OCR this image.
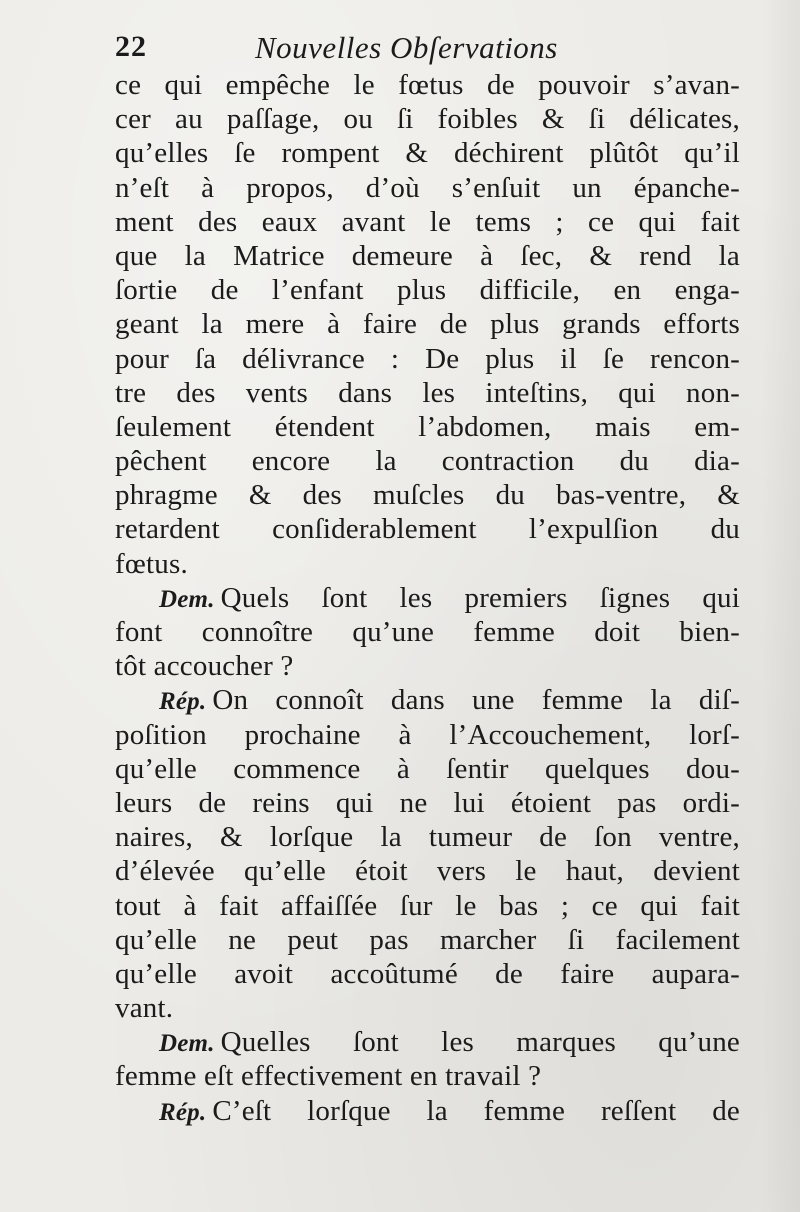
22	Nouvelles Obſervations
ce qui empêche le fœtus de pouvoir s’avan-
cer au paſſage, ou ſi foibles & ſi délicates,
qu’elles ſe rompent & déchirent plûtôt qu’il
n’eſt à propos, d’où s’enſuit un épanche-
ment des eaux avant le tems ; ce qui fait
que la Matrice demeure à ſec, & rend la
ſortie de l’enfant plus difficile, en enga-
geant la mere à faire de plus grands efforts
pour ſa délivrance : De plus il ſe rencon-
tre des vents dans les inteſtins, qui non-
ſeulement étendent l’abdomen, mais em-
pêchent encore la contraction du dia-
phragme & des muſcles du bas-ventre, &
retardent conſiderablement l’expulſion du
fœtus.
Dem. Quels ſont les premiers ſignes qui
font connoître qu’une femme doit bien-
tôt accoucher ?
Rép. On connoît dans une femme la diſ-
poſition prochaine à l’Accouchement, lorſ-
qu’elle commence à ſentir quelques dou-
leurs de reins qui ne lui étoient pas ordi-
naires, & lorſque la tumeur de ſon ventre,
d’élevée qu’elle étoit vers le haut, devient
tout à fait affaiſſée ſur le bas ; ce qui fait
qu’elle ne peut pas marcher ſi facilement
qu’elle avoit accoûtumé de faire aupara-
vant.
Dem. Quelles ſont les marques qu’une
femme eſt effectivement en travail ?
Rép. C’eſt lorſque la femme reſſent de
